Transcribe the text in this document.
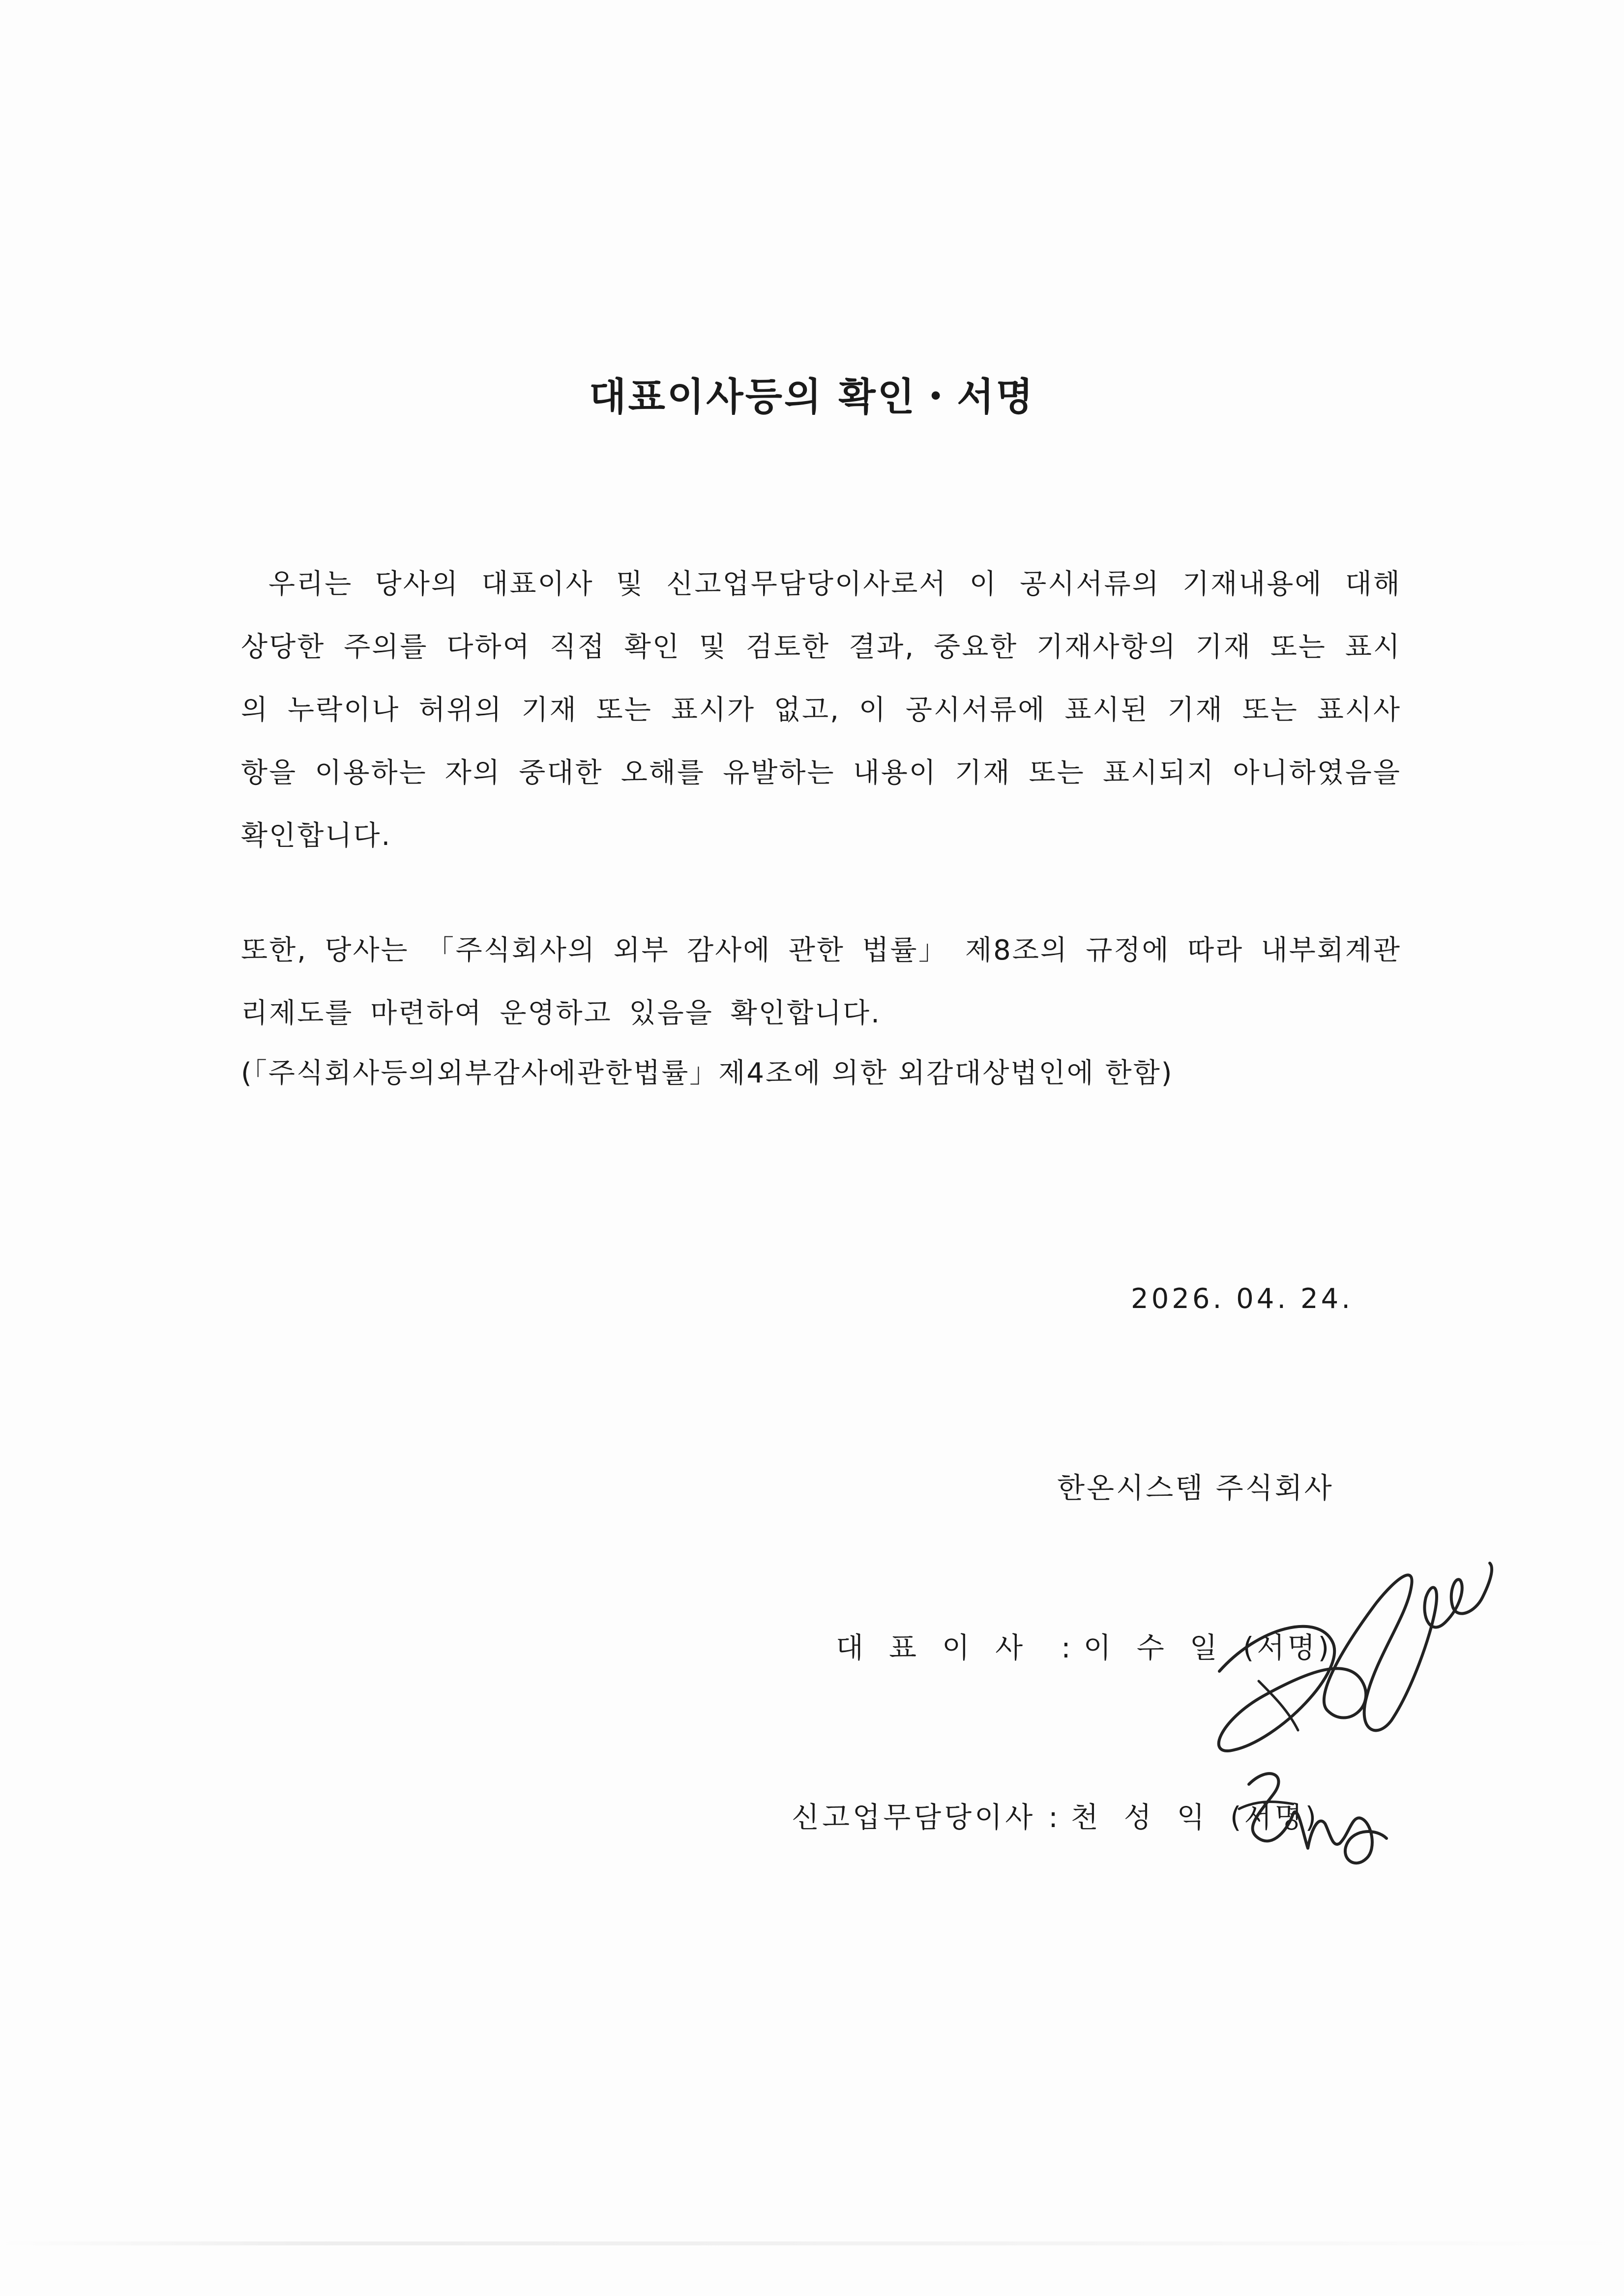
대표이사등의 확인・서명
우리는 당사의 대표이사 및 신고업무담당이사로서 이 공시서류의 기재내용에 대해 상당한 주의를 다하여 직접 확인 및 검토한 결과, 중요한 기재사항의 기재 또는 표시의 누락이나 허위의 기재 또는 표시가 없고, 이 공시서류에 표시된 기재 또는 표시사항을 이용하는 자의 중대한 오해를 유발하는 내용이 기재 또는 표시되지 아니하였음을 확인합니다.
또한, 당사는 「주식회사의 외부 감사에 관한 법률」 제8조의 규정에 따라 내부회계관리제도를 마련하여 운영하고 있음을 확인합니다.
(「주식회사등의외부감사에관한법률」제4조에 의한 외감대상법인에 한함)
2026. 04. 24.
한온시스템 주식회사
대표이사 : 이수일(서명)
신고업무담당이사 : 천성익(서명)
